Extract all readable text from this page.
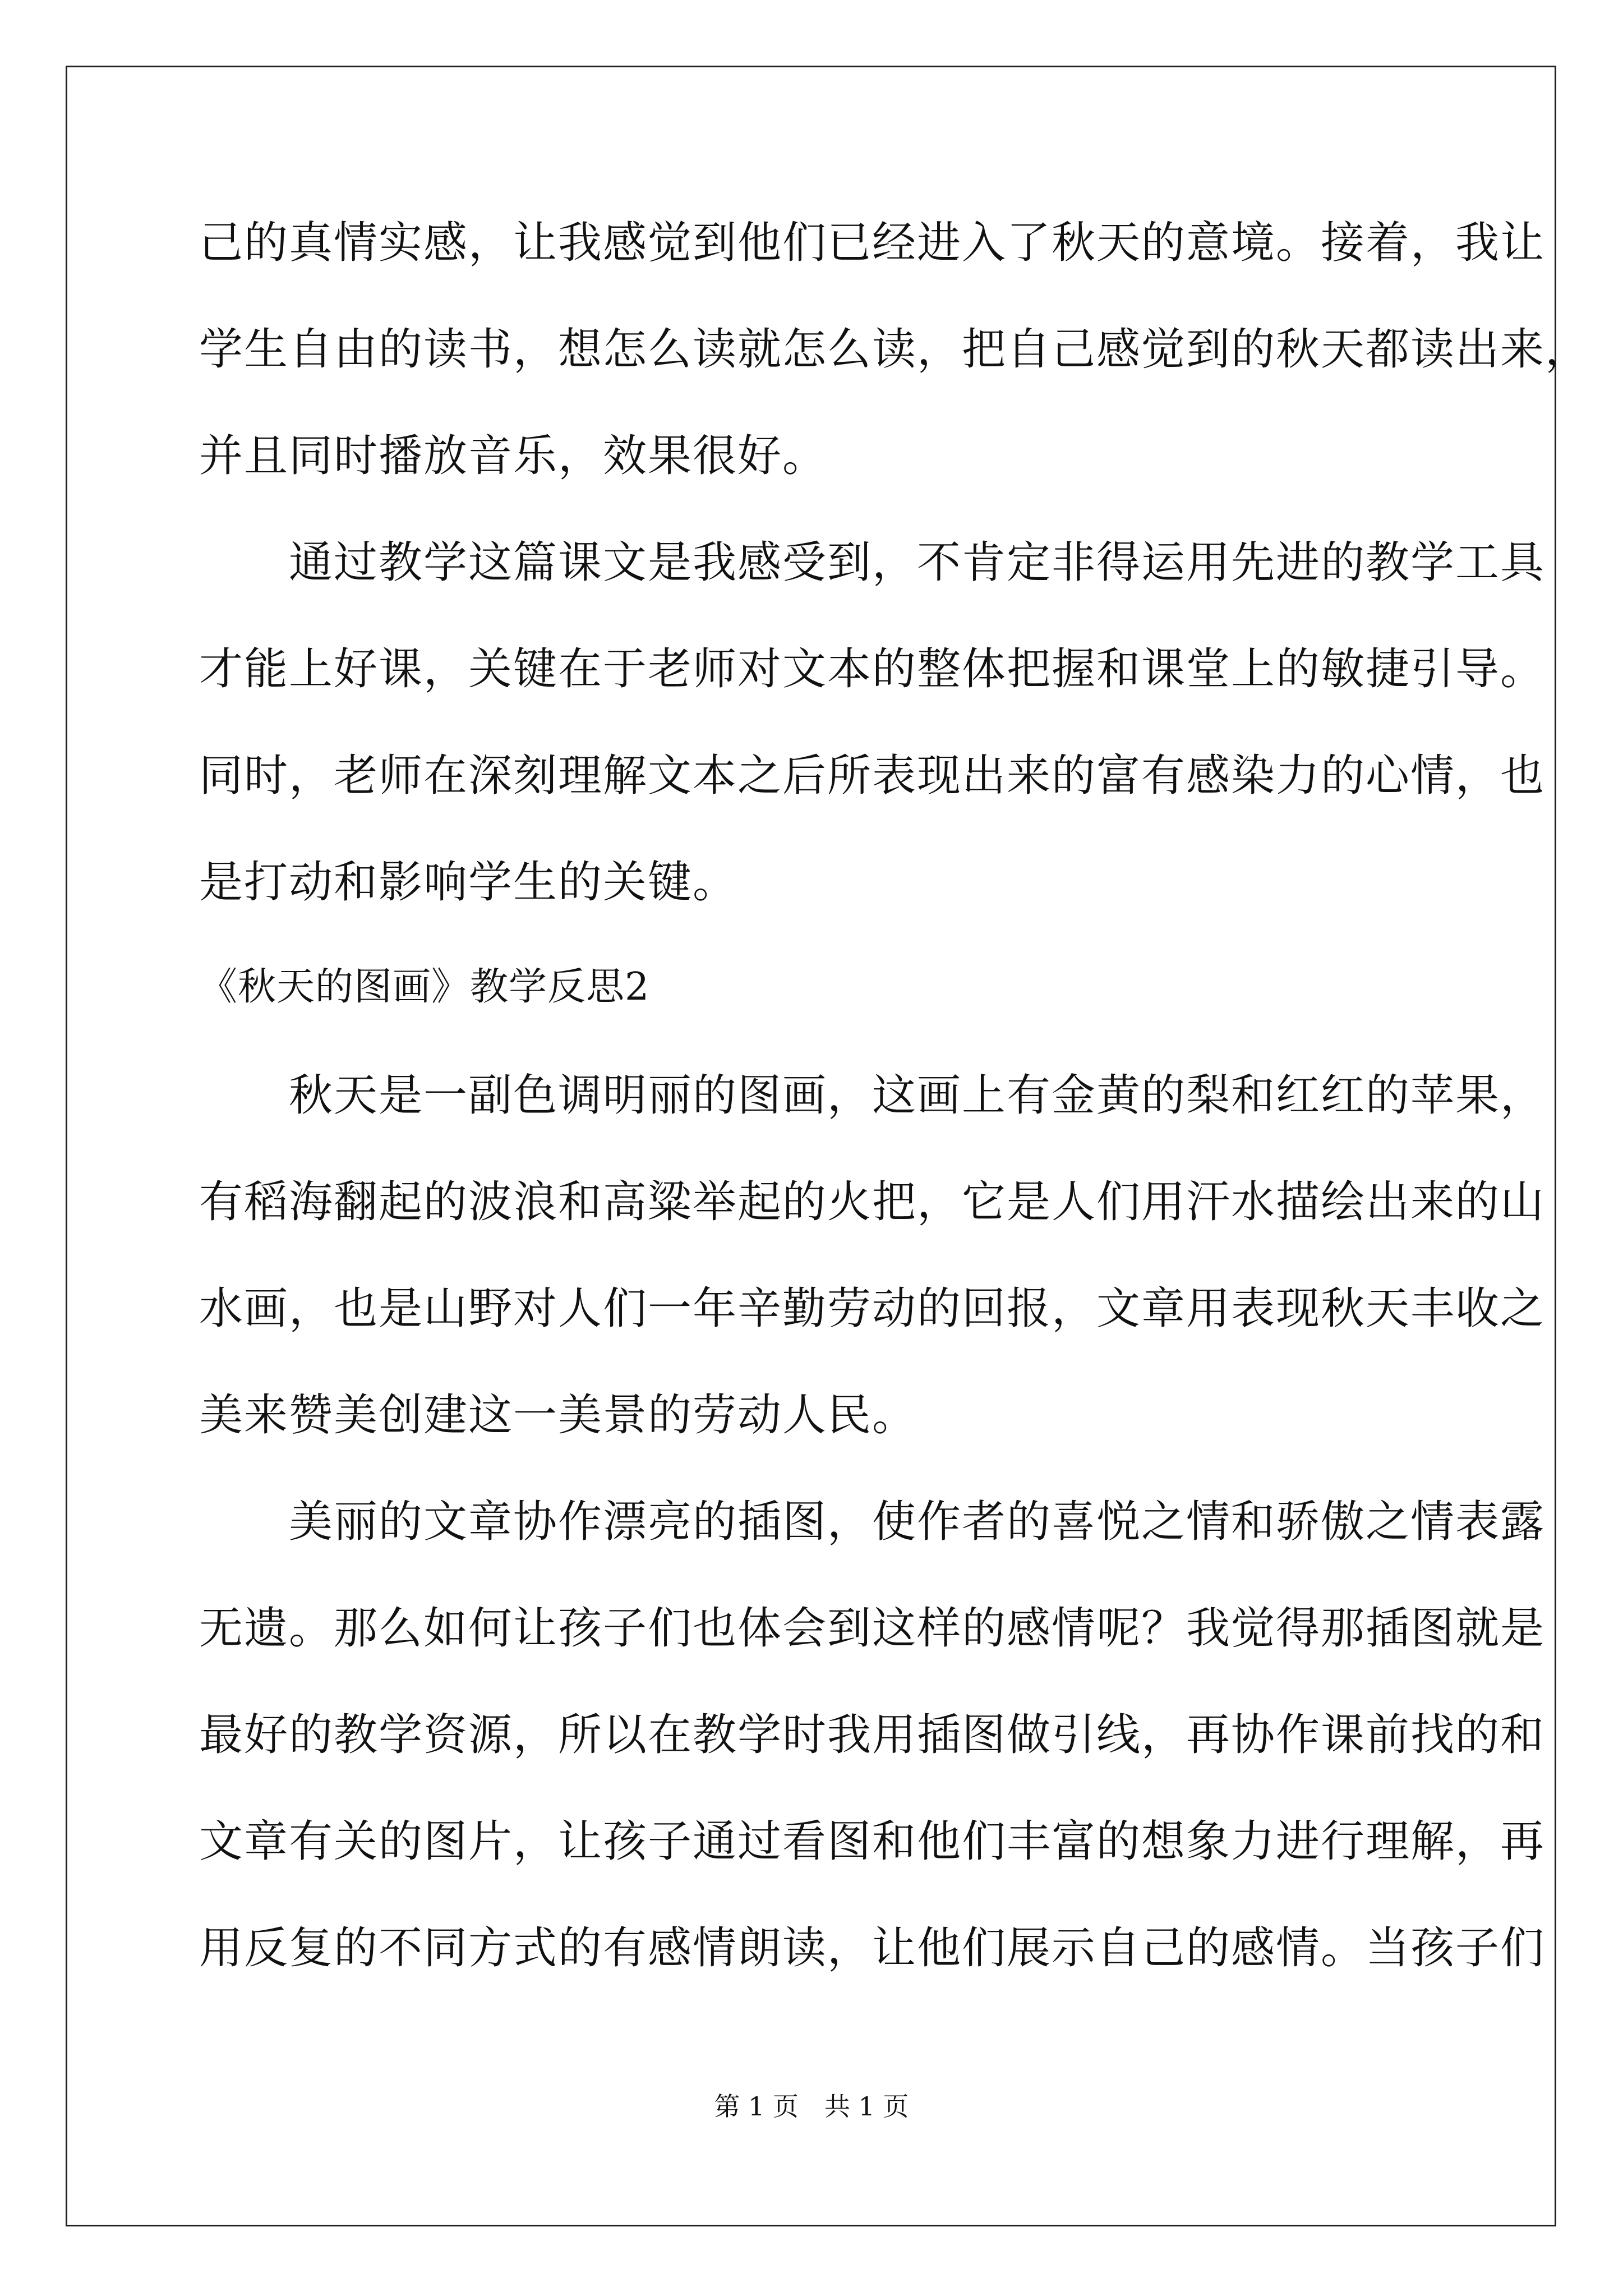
己的真情实感，让我感觉到他们已经进入了秋天的意境。接着，我让
学生自由的读书，想怎么读就怎么读，把自己感觉到的秋天都读出来，
并且同时播放音乐，效果很好。
　　通过教学这篇课文是我感受到，不肯定非得运用先进的教学工具
才能上好课，关键在于老师对文本的整体把握和课堂上的敏捷引导。
同时，老师在深刻理解文本之后所表现出来的富有感染力的心情，也
是打动和影响学生的关键。
《秋天的图画》教学反思2
　　秋天是一副色调明丽的图画，这画上有金黄的梨和红红的苹果，
有稻海翻起的波浪和高粱举起的火把，它是人们用汗水描绘出来的山
水画，也是山野对人们一年辛勤劳动的回报，文章用表现秋天丰收之
美来赞美创建这一美景的劳动人民。
　　美丽的文章协作漂亮的插图，使作者的喜悦之情和骄傲之情表露
无遗。那么如何让孩子们也体会到这样的感情呢？我觉得那插图就是
最好的教学资源，所以在教学时我用插图做引线，再协作课前找的和
文章有关的图片，让孩子通过看图和他们丰富的想象力进行理解，再
用反复的不同方式的有感情朗读，让他们展示自己的感情。当孩子们
第 1 页　共 1 页
